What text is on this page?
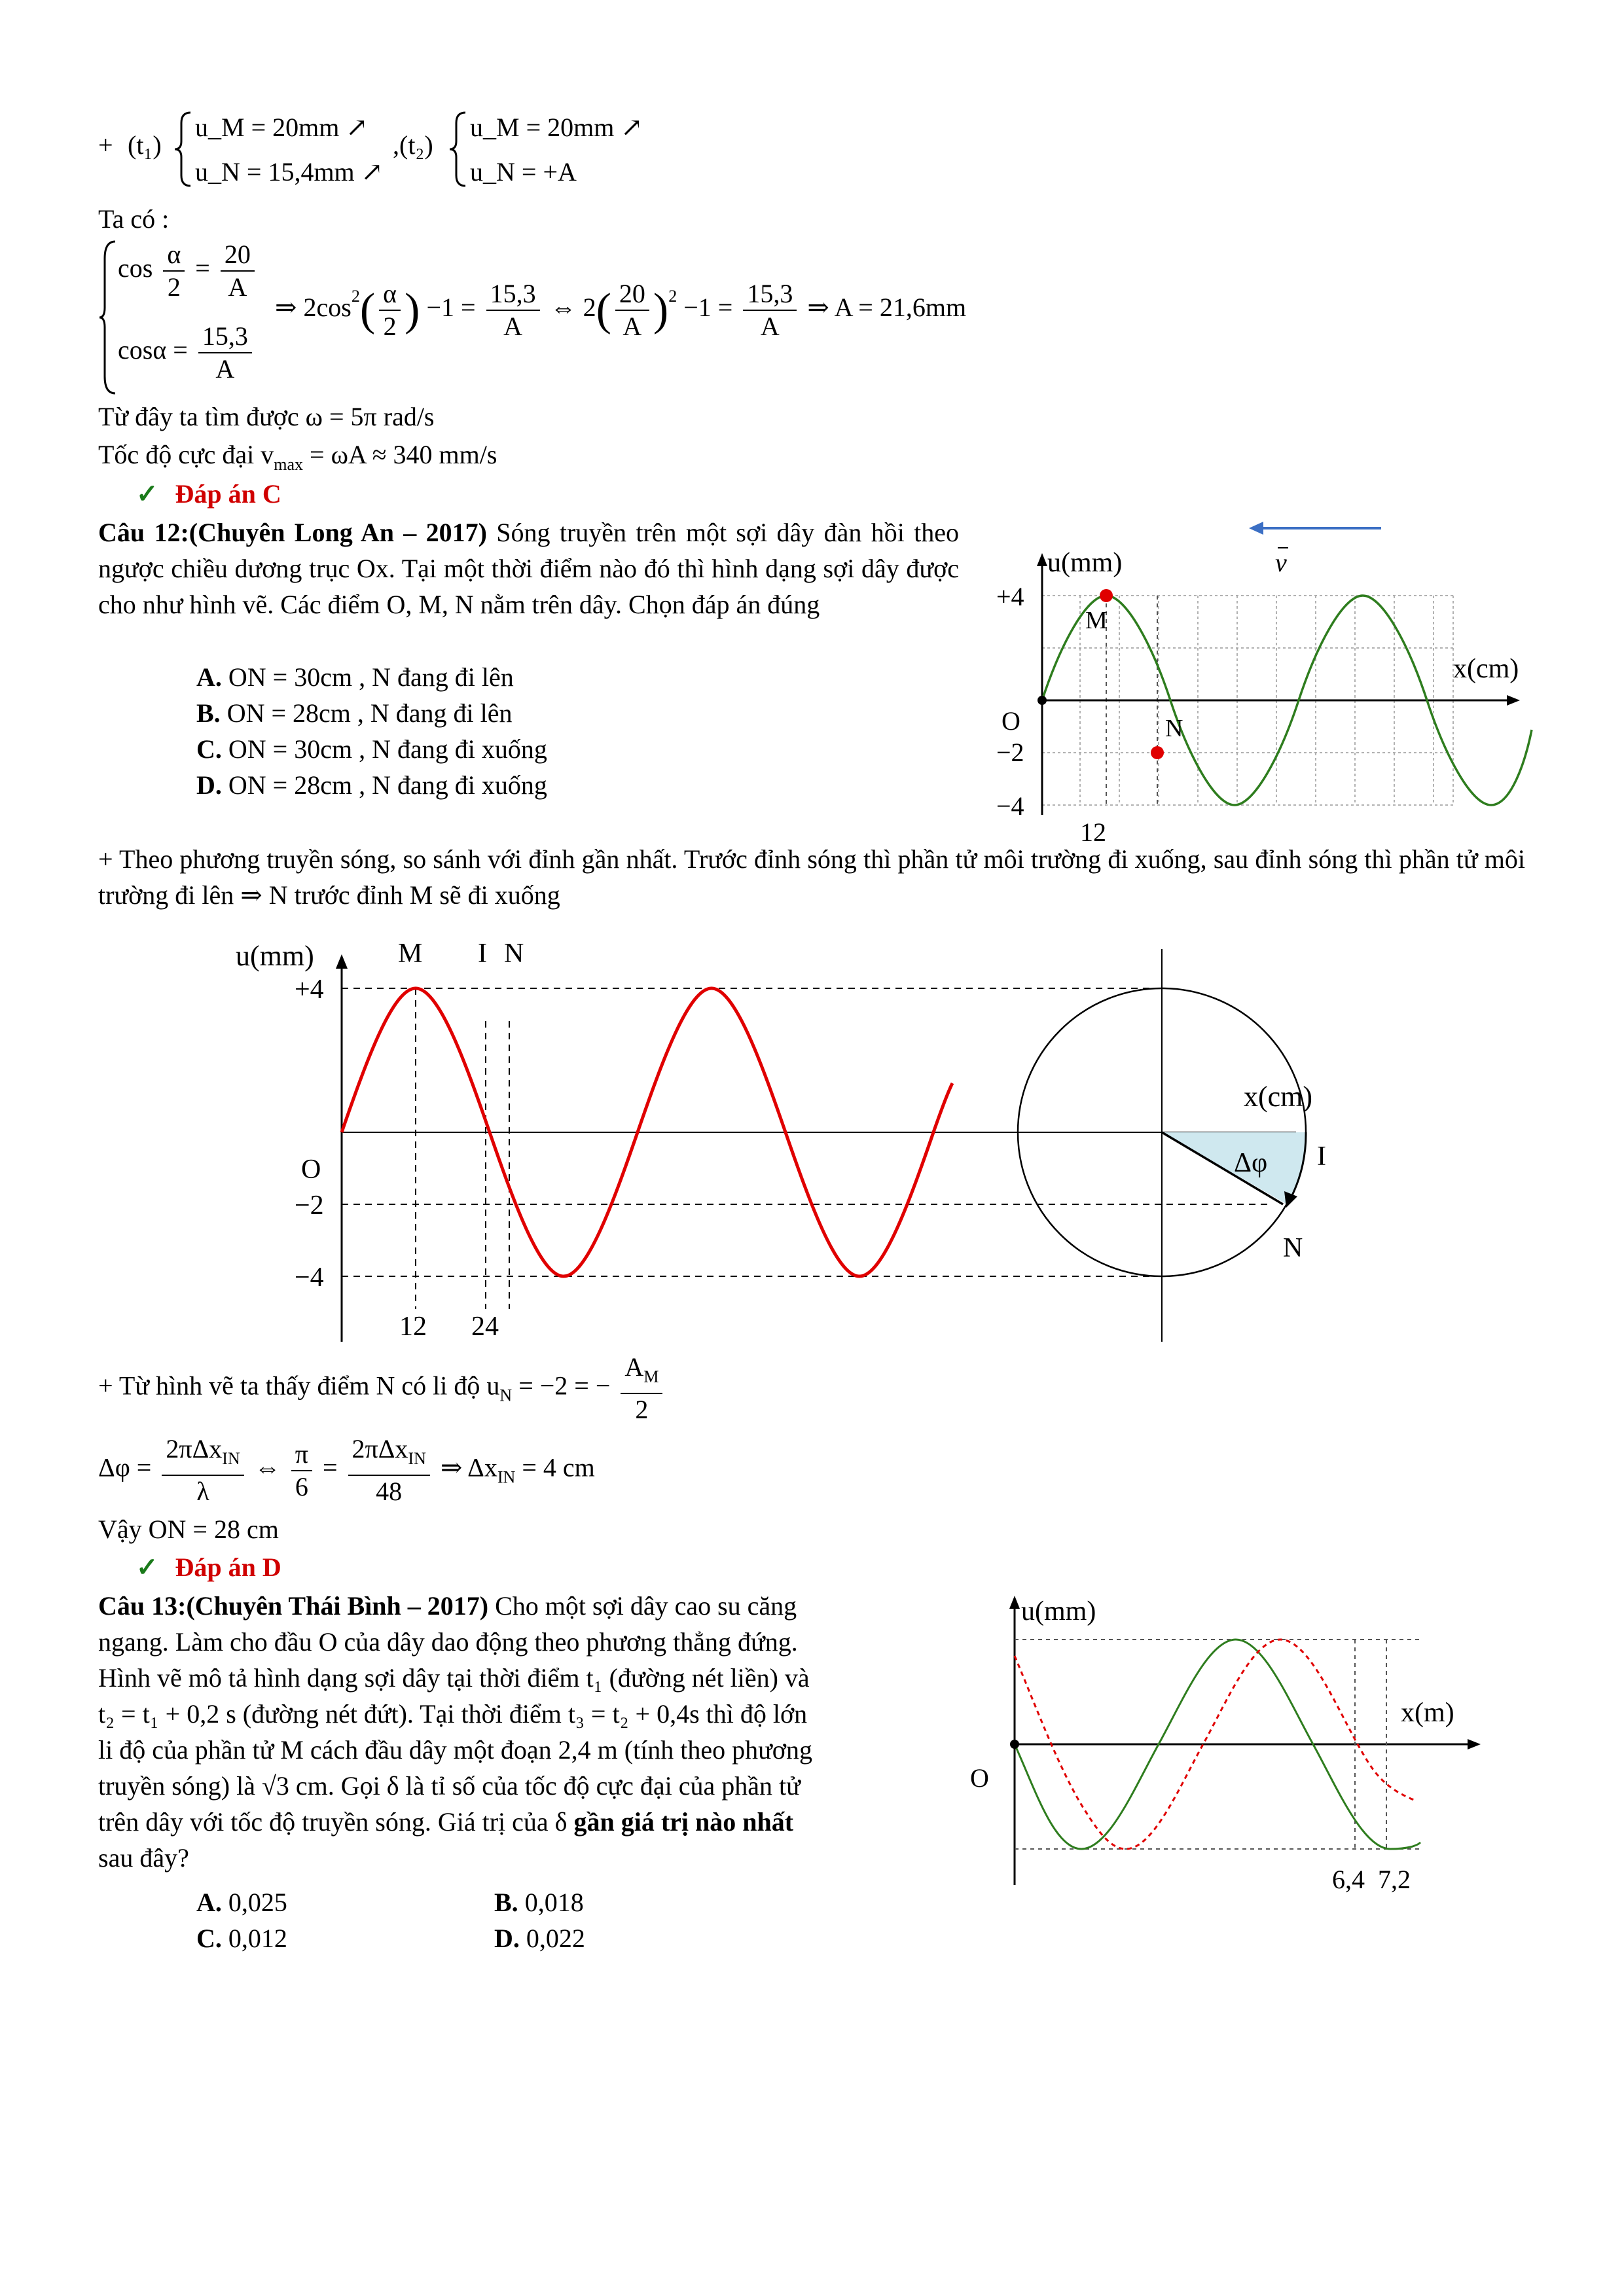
+ (t₁)
u_M = 20mm ↗
u_N = 15,4mm ↗
,(t₂)
u_M = 20mm ↗
u_N = +A
Ta có :
$\cos \frac{\alpha}{2} = \frac{20}{A}$
$\cos\alpha = \frac{15,3}{A}$
⇒ $2\cos^2( \frac{\alpha}{2}$ ) $-1 = \frac{15,3}{A}$ ⇔ $2( \frac{20}{A} )^2 -1 = \frac{15,3}{A}$ ⇒ A = 21,6mm
Từ đây ta tìm được ω = 5π rad/s
Tốc độ cực đại $v_{max} = \omega A \approx 340$ mm/s
✓ Đáp án C
Câu 12:(Chuyên Long An – 2017) Sóng truyền trên một sợi dây đàn hồi theo ngược chiều dương trục Ox. Tại một thời điểm nào đó thì hình dạng sợi dây được cho như hình vẽ. Các điểm O, M, N nằm trên dây. Chọn đáp án đúng
A. ON = 30cm , N đang đi lên
B. ON = 28cm , N đang đi lên
C. ON = 30cm , N đang đi xuống
D. ON = 28cm , N đang đi xuống
u(mm)
x(cm)
v
+4
O
−2
−4
M
N
12
+ Theo phương truyền sóng, so sánh với đỉnh gần nhất. Trước đỉnh sóng thì phần tử môi trường đi xuống, sau đỉnh sóng thì phần tử môi trường đi lên ⇒ N trước đỉnh M sẽ đi xuống
u(mm)
x(cm)
M I N
+4
O
−2
−4
12 24
Δφ I
N
+ Từ hình vẽ ta thấy điểm N có li độ $u_N = -2$ = − $\frac{A_M}{2}$
$\Delta\varphi = \frac{2\pi\Delta x_{IN}}{\lambda}$ ⇔ $\frac{\pi}{6} = \frac{2\pi\Delta x_{IN}}{48}$ ⇒ $\Delta x_{IN} = 4$ cm
Vậy ON = 28 cm
✓ Đáp án D
Câu 13:(Chuyên Thái Bình – 2017) Cho một sợi dây cao su căng
ngang. Làm cho đầu O của dây dao động theo phương thẳng đứng.
Hình vẽ mô tả hình dạng sợi dây tại thời điểm t₁ (đường nét liền) và
t₂ = t₁ + 0,2 s (đường nét đứt). Tại thời điểm t₃ = t₂ + 0,4s thì độ lớn
li độ của phần tử M cách đầu dây một đoạn 2,4 m (tính theo phương
truyền sóng) là √3 cm. Gọi δ là tỉ số của tốc độ cực đại của phần tử
trên dây với tốc độ truyền sóng. Giá trị của δ gần giá trị nào nhất
sau đây?
A. 0,025	B. 0,018
C. 0,012	D. 0,022
u(mm)
x(m)
O
6,4 7,2
